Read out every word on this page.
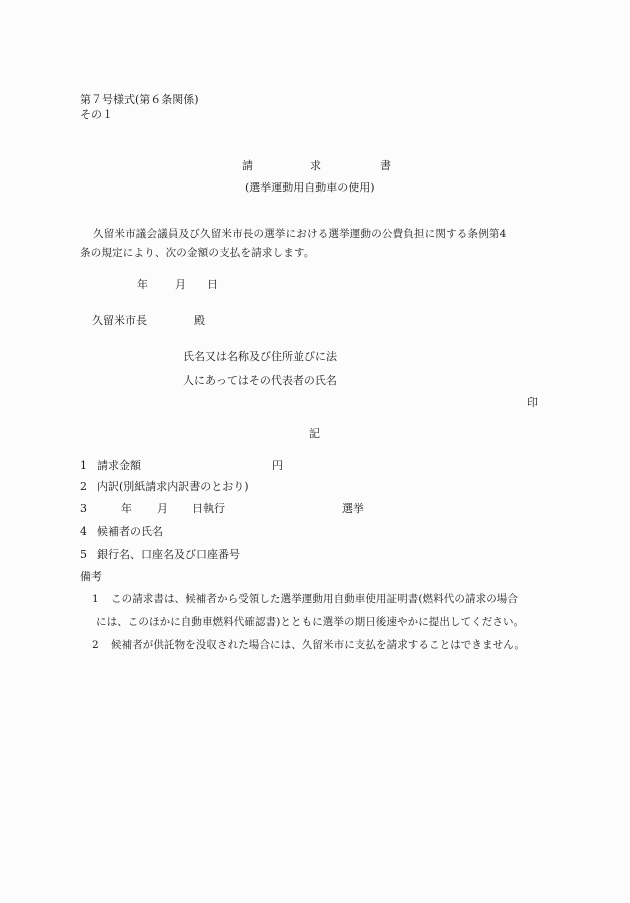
第７号様式(第６条関係)
その１
請	求	書
(選挙運動用自動車の使用)
久留米市議会議員及び久留米市長の選挙における選挙運動の公費負担に関する条例第4
条の規定により、次の金額の支払を請求します。
年 月 日
久留米市長	殿
氏名又は名称及び住所並びに法
人にあってはその代表者の氏名
印
記
1 請求金額	円
2 内訳(別紙請求内訳書のとおり)
3	年 月 日執行	選挙
4 候補者の氏名
5 銀行名、口座名及び口座番号
備考
1 この請求書は、候補者から受領した選挙運動用自動車使用証明書(燃料代の請求の場合
には、このほかに自動車燃料代確認書)とともに選挙の期日後速やかに提出してください。
2 候補者が供託物を没収された場合には、久留米市に支払を請求することはできません。
